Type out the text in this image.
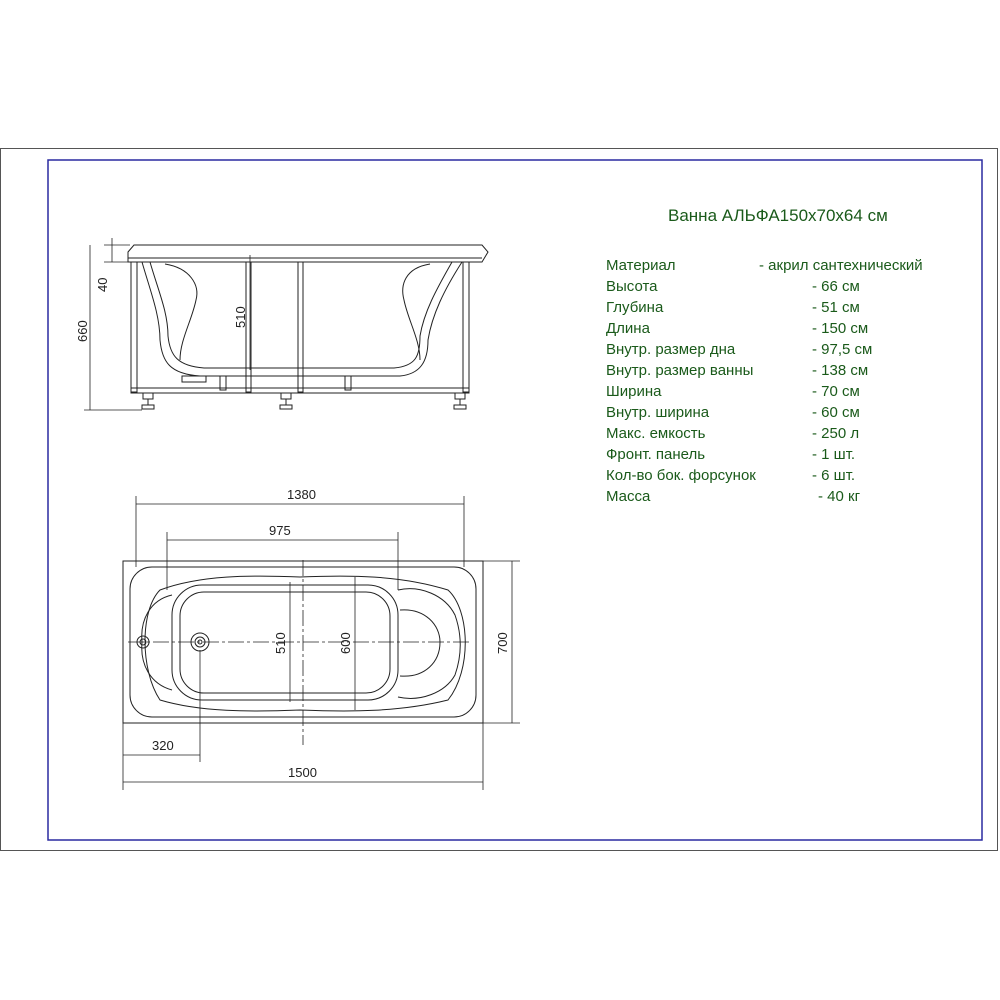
40
660
510
1380
975
510	600	700
320
1500
Ванна АЛЬФА150x70x64 см
Материал	- акрил сантехнический
Высота	- 66 см
Глубина	- 51 см
Длина	- 150 см
Внутр. размер дна	- 97,5 см
Внутр. размер ванны	- 138 см
Ширина	- 70 см
Внутр. ширина	- 60 см
Макс. емкость	- 250 л
Фронт. панель	- 1 шт.
Кол-во бок. форсунок	- 6 шт.
Масса	- 40 кг
